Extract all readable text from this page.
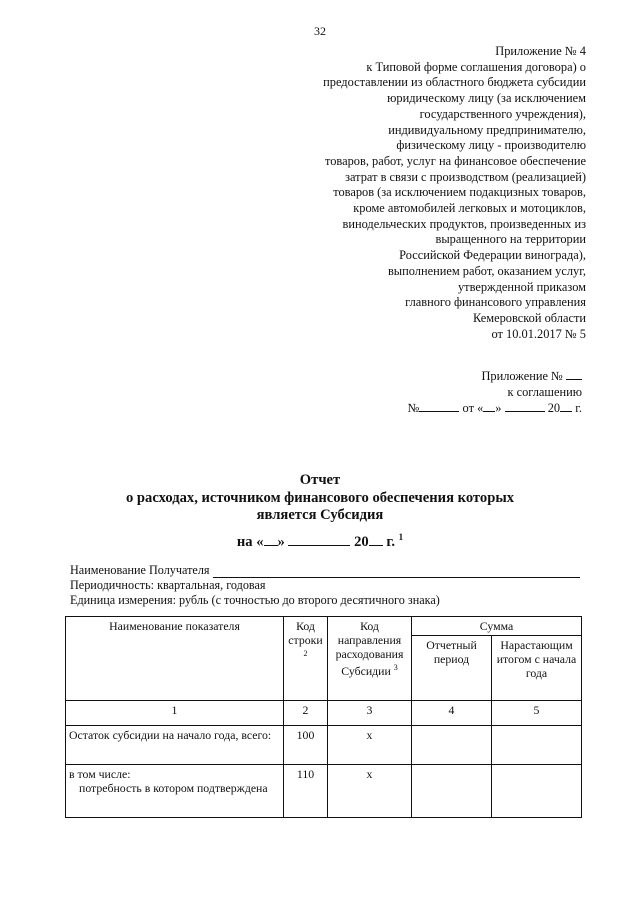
32
Приложение № 4
к Типовой форме соглашения договора) о
предоставлении из областного бюджета субсидии
юридическому лицу (за исключением
государственного учреждения),
индивидуальному предпринимателю,
физическому лицу - производителю
товаров, работ, услуг на финансовое обеспечение
затрат в связи с производством (реализацией)
товаров (за исключением подакцизных товаров,
кроме автомобилей легковых и мотоциклов,
винодельческих продуктов, произведенных из
выращенного на территории
Российской Федерации винограда),
выполнением работ, оказанием услуг,
утвержденной приказом
главного финансового управления
Кемеровской области
от 10.01.2017 № 5
Приложение №
к соглашению
№	от « »	20 г.
Отчет
о расходах, источником финансового обеспечения которых
является Субсидия
на « »	20 г. $^1$
Наименование Получателя
Периодичность: квартальная, годовая
Единица измерения: рубль (с точностью до второго десятичного знака)
Наименование показателя	Код строки $^2$	Код направления расходования Субсидии $^3$	Сумма	
			Отчетный период	Нарастающим итогом с начала года
1	2	3	4	5
Остаток субсидии на начало года, всего:	100	x		
в том числе:
потребность в котором подтверждена	110	x		
